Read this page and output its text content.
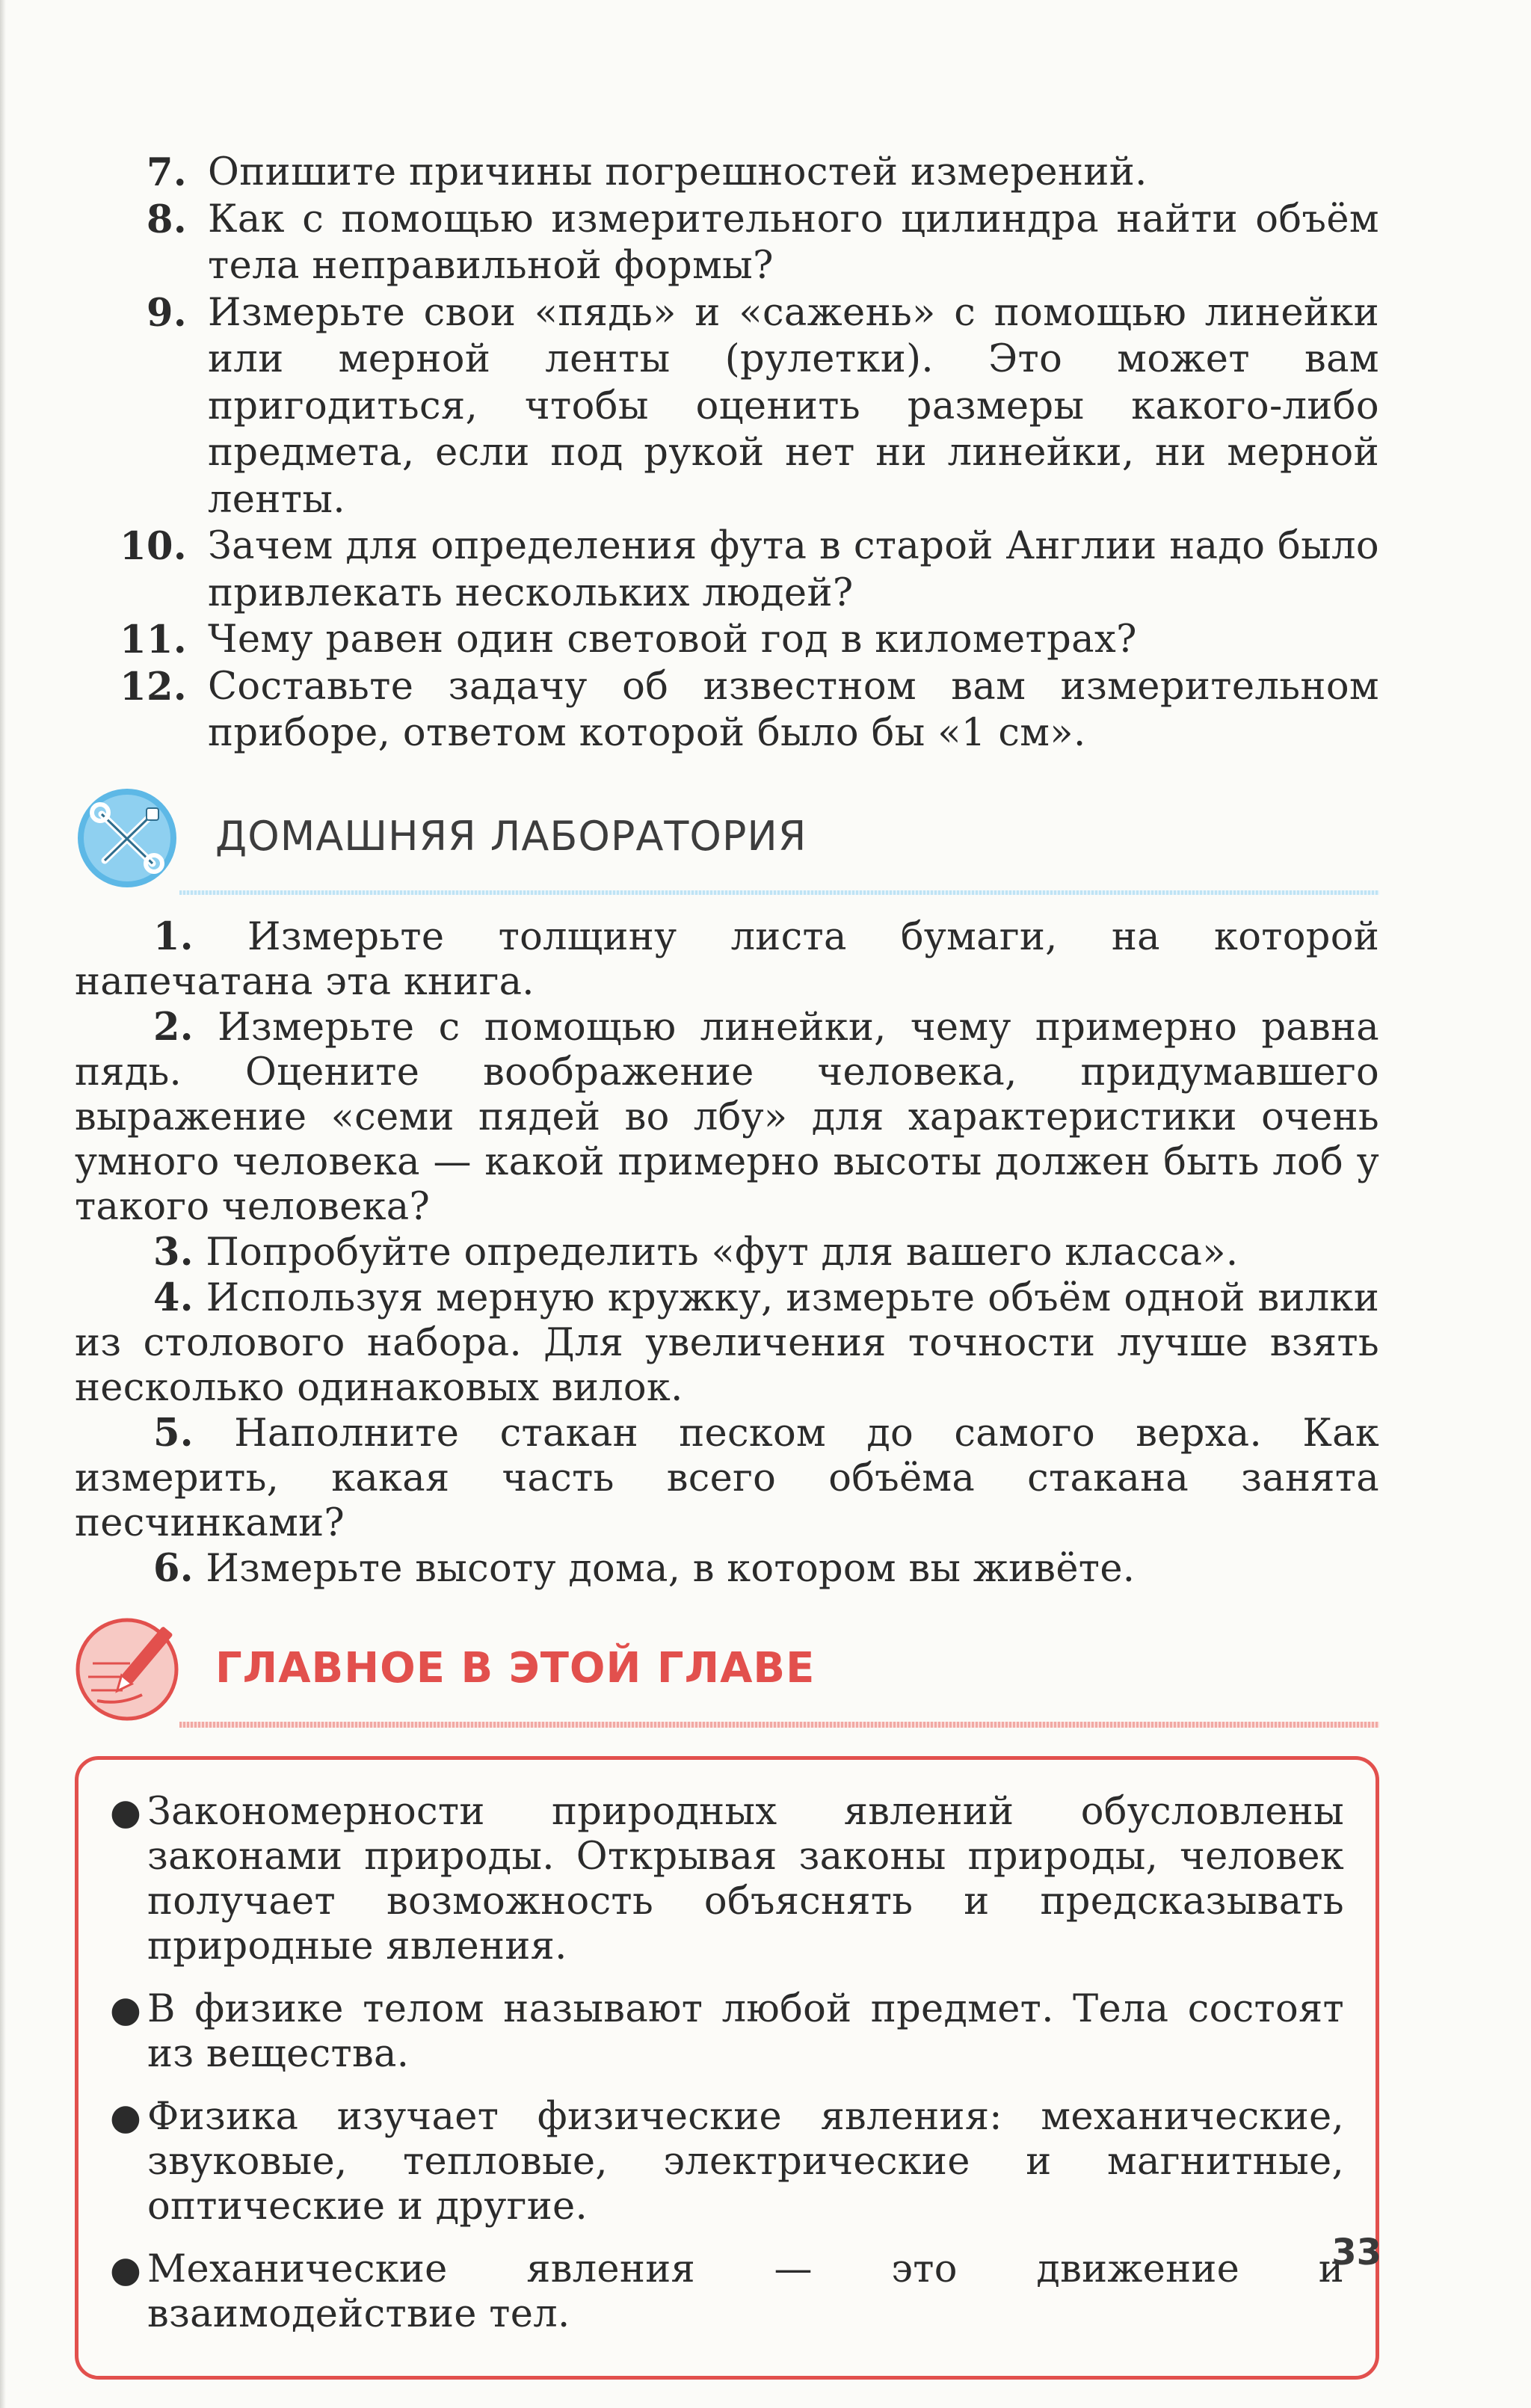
7. Опишите причины погрешностей измерений.
8. Как с помощью измерительного цилиндра найти объём тела неправильной формы?
9. Измерьте свои «пядь» и «сажень» с помощью линейки или мерной ленты (рулетки). Это может вам пригодиться, чтобы оценить размеры какого-либо предмета, если под рукой нет ни линейки, ни мерной ленты.
10. Зачем для определения фута в старой Англии надо было привлекать нескольких людей?
11. Чему равен один световой год в километрах?
12. Составьте задачу об известном вам измерительном приборе, ответом которой было бы «1 см».
ДОМАШНЯЯ ЛАБОРАТОРИЯ

1. Измерьте толщину листа бумаги, на которой напечатана эта книга.

2. Измерьте с помощью линейки, чему примерно равна пядь. Оцените воображение человека, придумавшего выражение «семи пядей во лбу» для характеристики очень умного человека — какой примерно высоты должен быть лоб у такого человека?

3. Попробуйте определить «фут для вашего класса».

4. Используя мерную кружку, измерьте объём одной вилки из столового набора. Для увеличения точности лучше взять несколько одинаковых вилок.

5. Наполните стакан песком до самого верха. Как измерить, какая часть всего объёма стакана занята песчинками?

6. Измерьте высоту дома, в котором вы живёте.

ГЛАВНОЕ В ЭТОЙ ГЛАВЕ
● Закономерности природных явлений обусловлены законами природы. Открывая законы природы, человек получает возможность объяснять и предсказывать природные явления.
● В физике телом называют любой предмет. Тела состоят из вещества.
● Физика изучает физические явления: механические, звуковые, тепловые, электрические и магнитные, оптические и другие.
● Механические явления — это движение и взаимодействие тел.
33
